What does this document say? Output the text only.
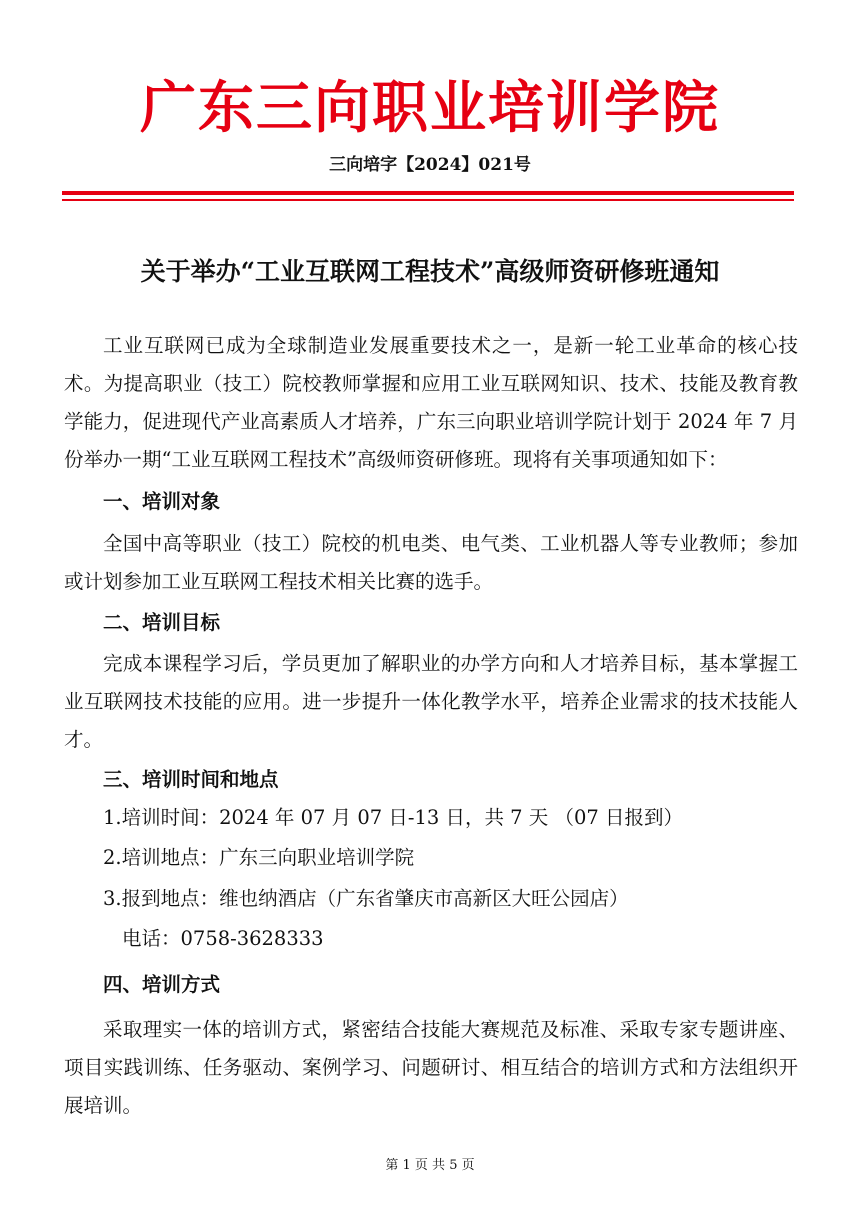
广东三向职业培训学院
三向培字【2024】021号
关于举办“工业互联网工程技术”高级师资研修班通知

工业互联网已成为全球制造业发展重要技术之一，是新一轮工业革命的核心技术。为提高职业（技工）院校教师掌握和应用工业互联网知识、技术、技能及教育教学能力，促进现代产业高素质人才培养，广东三向职业培训学院计划于 2024 年 7 月份举办一期“工业互联网工程技术”高级师资研修班。现将有关事项通知如下：

一、培训对象

全国中高等职业（技工）院校的机电类、电气类、工业机器人等专业教师；参加或计划参加工业互联网工程技术相关比赛的选手。

二、培训目标

完成本课程学习后，学员更加了解职业的办学方向和人才培养目标，基本掌握工业互联网技术技能的应用。进一步提升一体化教学水平，培养企业需求的技术技能人才。

三、培训时间和地点

1.培训时间：2024 年 07 月 07 日-13 日，共 7 天 （07 日报到）

2.培训地点：广东三向职业培训学院

3.报到地点：维也纳酒店（广东省肇庆市高新区大旺公园店）

电话：0758-3628333

四、培训方式

采取理实一体的培训方式，紧密结合技能大赛规范及标准、采取专家专题讲座、项目实践训练、任务驱动、案例学习、问题研讨、相互结合的培训方式和方法组织开展培训。

第 1 页 共 5 页
